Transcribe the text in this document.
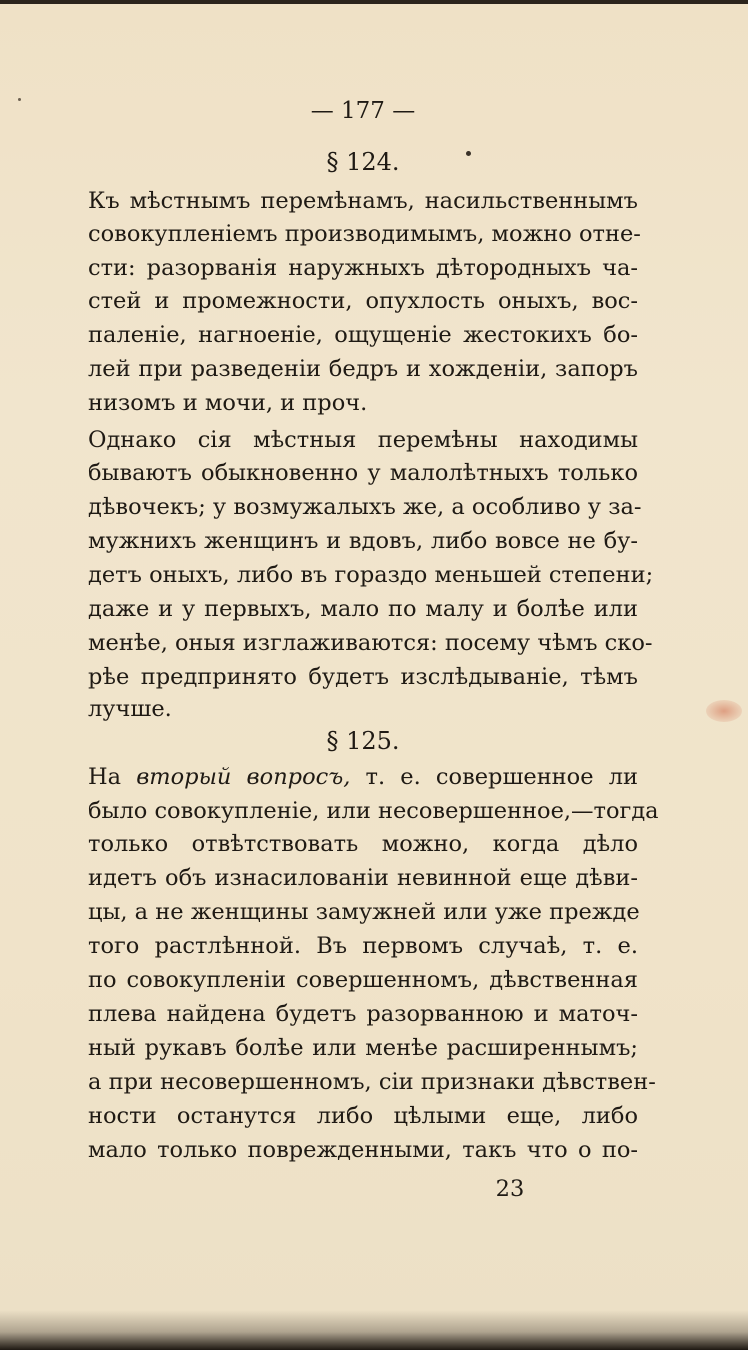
— 177 —
§ 124.
Къ мѣстнымъ перемѣнамъ, насильственнымъ
совокупленіемъ производимымъ, можно отне-
сти: разорванія наружныхъ дѣтородныхъ ча-
стей и промежности, опухлость оныхъ, вос-
паленіе, нагноеніе, ощущеніе жестокихъ бо-
лей при разведеніи бедръ и хожденіи, запоръ
низомъ и мочи, и проч.
Однако сія мѣстныя перемѣны находимы
бываютъ обыкновенно у малолѣтныхъ только
дѣвочекъ; у возмужалыхъ же, а особливо у за-
мужнихъ женщинъ и вдовъ, либо вовсе не бу-
детъ оныхъ, либо въ гораздо меньшей степени;
даже и у первыхъ, мало по малу и болѣе или
менѣе, оныя изглаживаются: посему чѣмъ ско-
рѣе предпринято будетъ изслѣдываніе, тѣмъ
лучше.
§ 125.
На вторый вопросъ, т. е. совершенное ли
было совокупленіе, или несовершенное,—тогда
только отвѣтствовать можно, когда дѣло
идетъ объ изнасилованіи невинной еще дѣви-
цы, а не женщины замужней или уже прежде
того растлѣнной. Въ первомъ случаѣ, т. е.
по совокупленіи совершенномъ, дѣвственная
плева найдена будетъ разорванною и маточ-
ный рукавъ болѣе или менѣе расширеннымъ;
а при несовершенномъ, сіи признаки дѣвствен-
ности останутся либо цѣлыми еще, либо
мало только поврежденными, такъ что о по-
23
